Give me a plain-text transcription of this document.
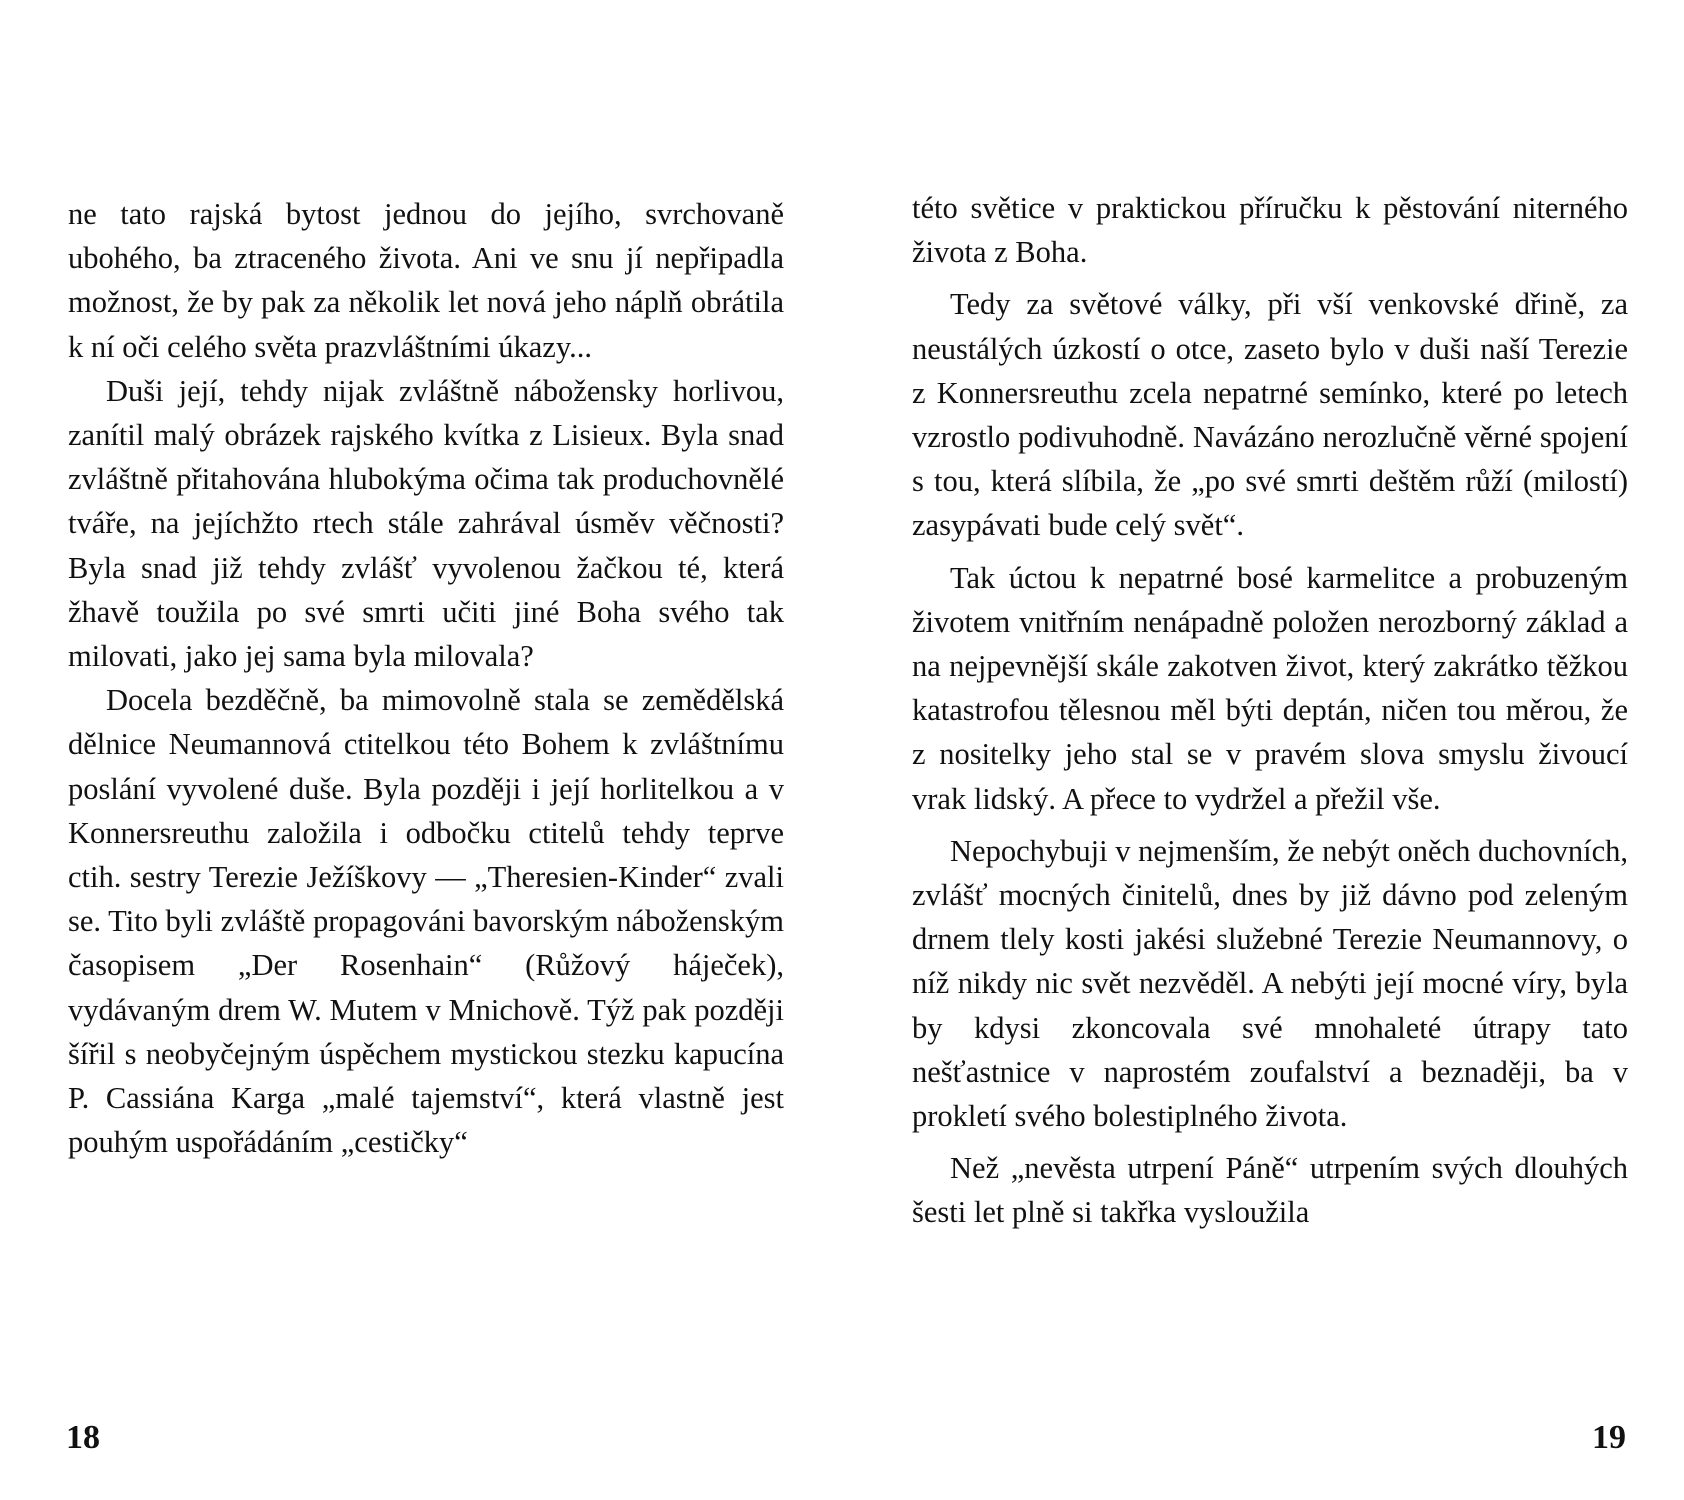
ne tato rajská bytost jednou do jejího, svrchovaně ubohého, ba ztraceného života. Ani ve snu jí nepřipadla možnost, že by pak za několik let nová jeho náplň obrátila k ní oči celého světa prazvláštními úkazy...

Duši její, tehdy nijak zvláštně nábožensky horlivou, zanítil malý obrázek rajského kvítka z Lisieux. Byla snad zvláštně přitahována hlubokýma očima tak produchovnělé tváře, na jejíchžto rtech stále zahrával úsměv věčnosti? Byla snad již tehdy zvlášť vyvolenou žačkou té, která žhavě toužila po své smrti učiti jiné Boha svého tak milovati, jako jej sama byla milovala?

Docela bezděčně, ba mimovolně stala se zemědělská dělnice Neumannová ctitelkou této Bohem k zvláštnímu poslání vyvolené duše. Byla později i její horlitelkou a v Konnersreuthu založila i odbočku ctitelů tehdy teprve ctih. sestry Terezie Ježíškovy — „Theresien-Kinder“ zvali se. Tito byli zvláště propagováni bavorským náboženským časopisem „Der Rosenhain“ (Růžový háječek), vydávaným drem W. Mutem v Mnichově. Týž pak později šířil s neobyčejným úspěchem mystickou stezku kapucína P. Cassiána Karga „malé tajemství“, která vlastně jest pouhým uspořádáním „cestičky“

18

této světice v praktickou příručku k pěstování niterného života z Boha.

Tedy za světové války, při vší venkovské dřině, za neustálých úzkostí o otce, zaseto bylo v duši naší Terezie z Konnersreuthu zcela nepatrné semínko, které po letech vzrostlo podivuhodně. Navázáno nerozlučně věrné spojení s tou, která slíbila, že „po své smrti deštěm růží (milostí) zasypávati bude celý svět“.

Tak úctou k nepatrné bosé karmelitce a probuzeným životem vnitřním nenápadně položen nerozborný základ a na nejpevnější skále zakotven život, který zakrátko těžkou katastrofou tělesnou měl býti deptán, ničen tou měrou, že z nositelky jeho stal se v pravém slova smyslu živoucí vrak lidský. A přece to vydržel a přežil vše.

Nepochybuji v nejmenším, že nebýt oněch duchovních, zvlášť mocných činitelů, dnes by již dávno pod zeleným drnem tlely kosti jakési služebné Terezie Neumannovy, o níž nikdy nic svět nezvěděl. A nebýti její mocné víry, byla by kdysi zkoncovala své mnohaleté útrapy tato nešťastnice v naprostém zoufalství a beznaději, ba v prokletí svého bolestiplného života.

Než „nevěsta utrpení Páně“ utrpením svých dlouhých šesti let plně si takřka vysloužila

19
